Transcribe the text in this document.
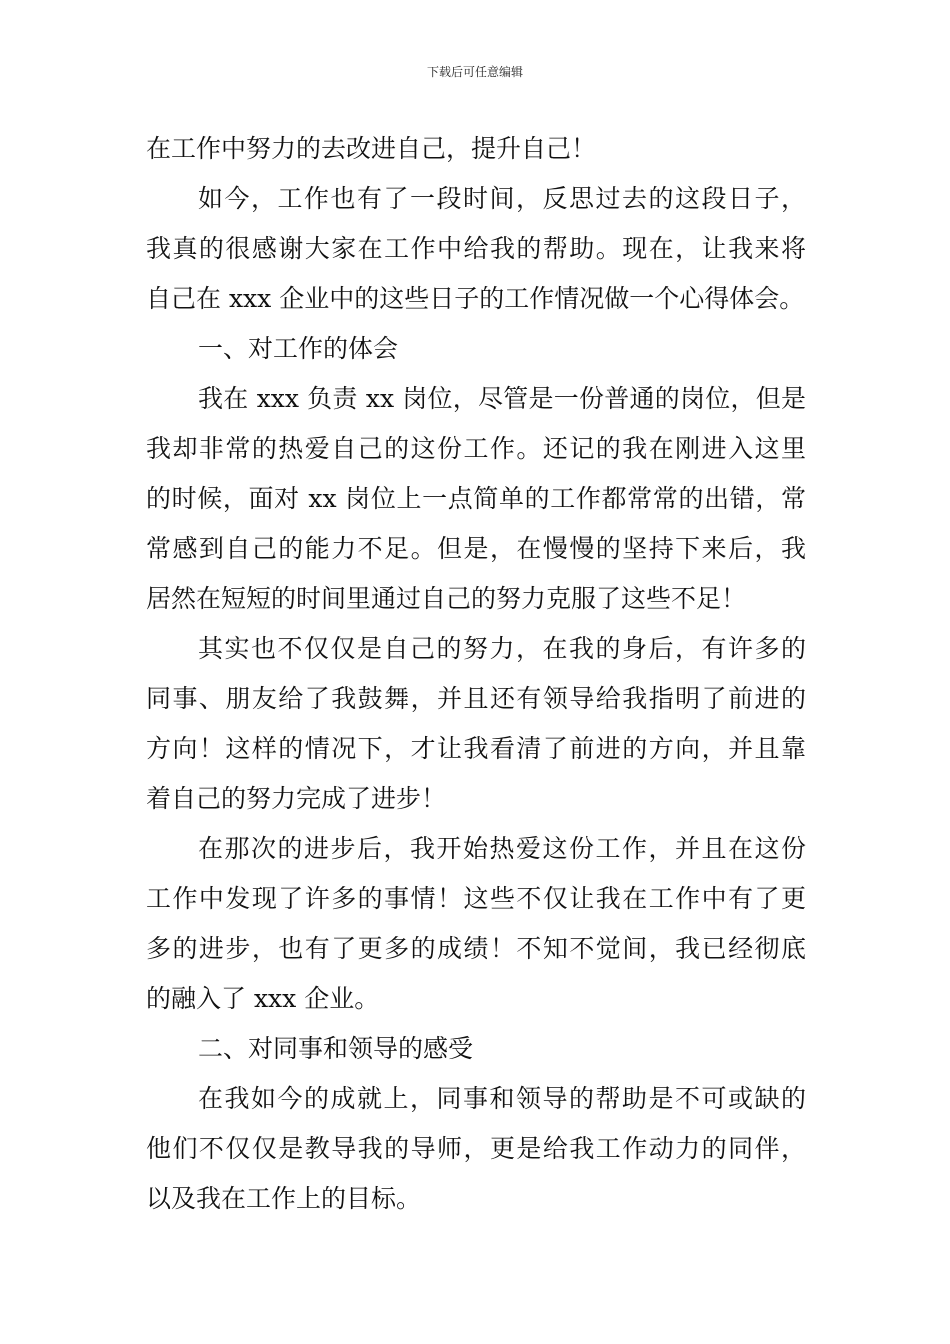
下载后可任意编辑
在工作中努力的去改进自己，提升自己！
如今，工作也有了一段时间，反思过去的这段日子，
我真的很感谢大家在工作中给我的帮助。现在，让我来将
自己在 xxx 企业中的这些日子的工作情况做一个心得体会。
一、对工作的体会
我在 xxx 负责 xx 岗位，尽管是一份普通的岗位，但是
我却非常的热爱自己的这份工作。还记的我在刚进入这里
的时候，面对 xx 岗位上一点简单的工作都常常的出错，常
常感到自己的能力不足。但是，在慢慢的坚持下来后，我
居然在短短的时间里通过自己的努力克服了这些不足！
其实也不仅仅是自己的努力，在我的身后，有许多的
同事、朋友给了我鼓舞，并且还有领导给我指明了前进的
方向！这样的情况下，才让我看清了前进的方向，并且靠
着自己的努力完成了进步！
在那次的进步后，我开始热爱这份工作，并且在这份
工作中发现了许多的事情！这些不仅让我在工作中有了更
多的进步，也有了更多的成绩！不知不觉间，我已经彻底
的融入了 xxx 企业。
二、对同事和领导的感受
在我如今的成就上，同事和领导的帮助是不可或缺的
他们不仅仅是教导我的导师，更是给我工作动力的同伴，
以及我在工作上的目标。
